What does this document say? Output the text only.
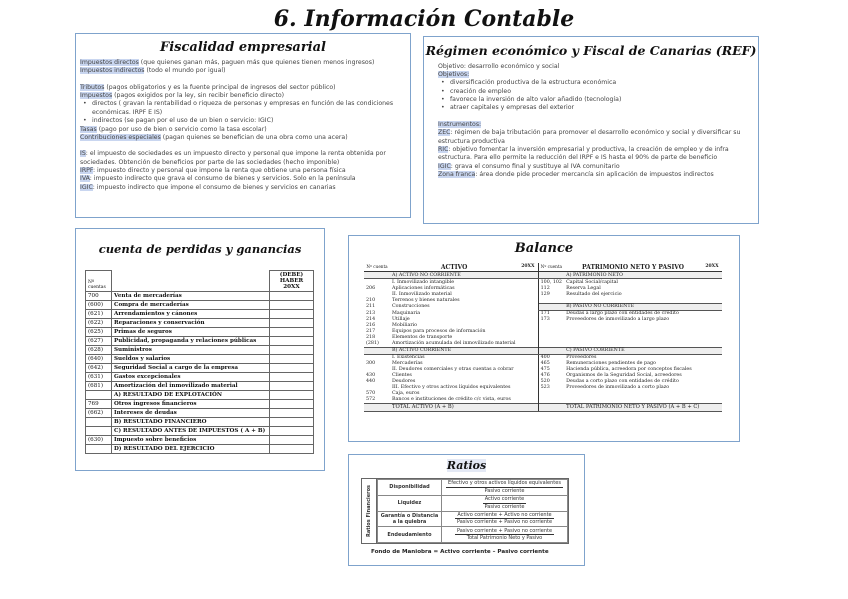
6. Información Contable
Fiscalidad empresarial

Impuestos directos (que quienes ganan más, paguen más que quienes tienen menos ingresos)

Impuestos indirectos (todo el mundo por igual)

Tributos (pagos obligatorios y es la fuente principal de ingresos del sector público)

Impuestos (pagos exigidos por la ley, sin recibir beneficio directo)

• directos ( gravan la rentabilidad o riqueza de personas y empresas en función de las condiciones económicas. IRPF E IS)
• indirectos (se pagan por el uso de un bien o servicio: IGIC)

Tasas (pago por uso de bien o servicio como la tasa escolar)

Contribuciones especiales (pagan quienes se benefician de una obra como una acera)

IS: el impuesto de sociedades es un impuesto directo y personal que impone la renta obtenida por sociedades. Obtención de beneficios por parte de las sociedades (hecho imponible)

IRPF: impuesto directo y personal que impone la renta que obtiene una persona física

IVA: impuesto indirecto que grava el consumo de bienes y servicios. Solo en la península

IGIC: impuesto indirecto que impone el consumo de bienes y servicios en canarias

Régimen económico y Fiscal de Canarias (REF)

Objetivo: desarrollo económico y social

Objetivos:

• diversificación productiva de la estructura económica
• creación de empleo
• favorece la inversión de alto valor añadido (tecnología)
• atraer capitales y empresas del exterior

Instrumentos:

ZEC: régimen de baja tributación para promover el desarrollo económico y social y diversificar su estructura productiva

RIC: objetivo fomentar la inversión empresarial y productiva, la creación de empleo y de infra estructura. Para ello permite la reducción del IRPF e IS hasta el 90% de parte de beneficio

IGIC: grava el consumo final y sustituye al IVA comunitario

Zona franca: área donde pide proceder mercancía sin aplicación de impuestos indirectos

cuenta de perdidas y ganancias
Nº cuentas		(DEBE) HABER 20XX
700	Venta de mercaderías	
(600)	Compra de mercaderías	
(621)	Arrendamientos y cánones	
(622)	Reparaciones y conservación	
(625)	Primas de seguros	
(627)	Publicidad, propaganda y relaciones públicas	
(628)	Suministros	
(640)	Sueldos y salarios	
(642)	Seguridad Social a cargo de la empresa	
(631)	Gastos excepcionales	
(681)	Amortización del inmovilizado material	
	A) RESULTADO DE EXPLOTACIÓN	
769	Otros ingresos financieros	
(662)	Intereses de deudas	
	B) RESULTADO FINANCIERO	
	C) RESULTADO ANTES DE IMPUESTOS ( A + B)	
(630)	Impuesto sobre beneficios	
	D) RESULTADO DEL EJERCICIO	
Balance
Nº cuenta	ACTIVO	20XX	Nº cuenta	PATRIMONIO NETO Y PASIVO	20XX
	A) ACTIVO NO CORRIENTE			A) PATRIMONIO NETO	
	I. Inmovilizado intangible		100, 102	Capital Social/capital	
206	Aplicaciones informáticas		112	Reserva Legal	
	II. Inmovilizado material		129	Resultado del ejercicio	
210	Terrenos y bienes naturales				
211	Construcciones			B) PASIVO NO CORRIENTE	
213	Maquinaria		171	Deudas a largo plazo con entidades de crédito	
214	Utillaje		173	Proveedores de inmovilizado a largo plazo	
216	Mobiliario				
217	Equipos para procesos de información				
218	Elementos de transporte				
(281)	Amortización acumulada del inmovilizado material				
	B) ACTIVO CORRIENTE			C) PASIVO CORRIENTE	
	I. Existencias		400	Proveedores	
300	Mercaderías		465	Remuneraciones pendientes de pago	
	II. Deudores comerciales y otras cuentas a cobrar		475	Hacienda pública, acreedora por conceptos fiscales	
430	Clientes		476	Organismos de la Seguridad Social, acreedores	
440	Deudores		520	Deudas a corto plazo con entidades de crédito	
	III. Efectivo y otros activos líquidos equivalentes		523	Proveedores de inmovilizado a corto plazo	
570	Caja, euros				
572	Bancos e instituciones de crédito c/c vista, euros				
	TOTAL ACTIVO (A + B)			TOTAL PATRIMONIO NETO Y PASIVO (A + B + C)	
Ratios
Ratios Financieros	Disponibilidad	$\frac{\text{Efectivo y otros activos líquidos equivalentes}}{\text{Pasivo corriente}}$

Liquidez	$\frac{\text{Activo corriente}}{\text{Pasivo corriente}}$

Garantía o Distancia a la quiebra	$\frac{\text{Activo corriente + Activo no corriente}}{\text{Pasivo corriente + Pasivo no corriente}}$

Endeudamiento	$\frac{\text{Pasivo corriente + Pasivo no corriente}}{\text{Total Patrimonio Neto y Pasivo}}$
Fondo de Maniobra = Activo corriente – Pasivo corriente
